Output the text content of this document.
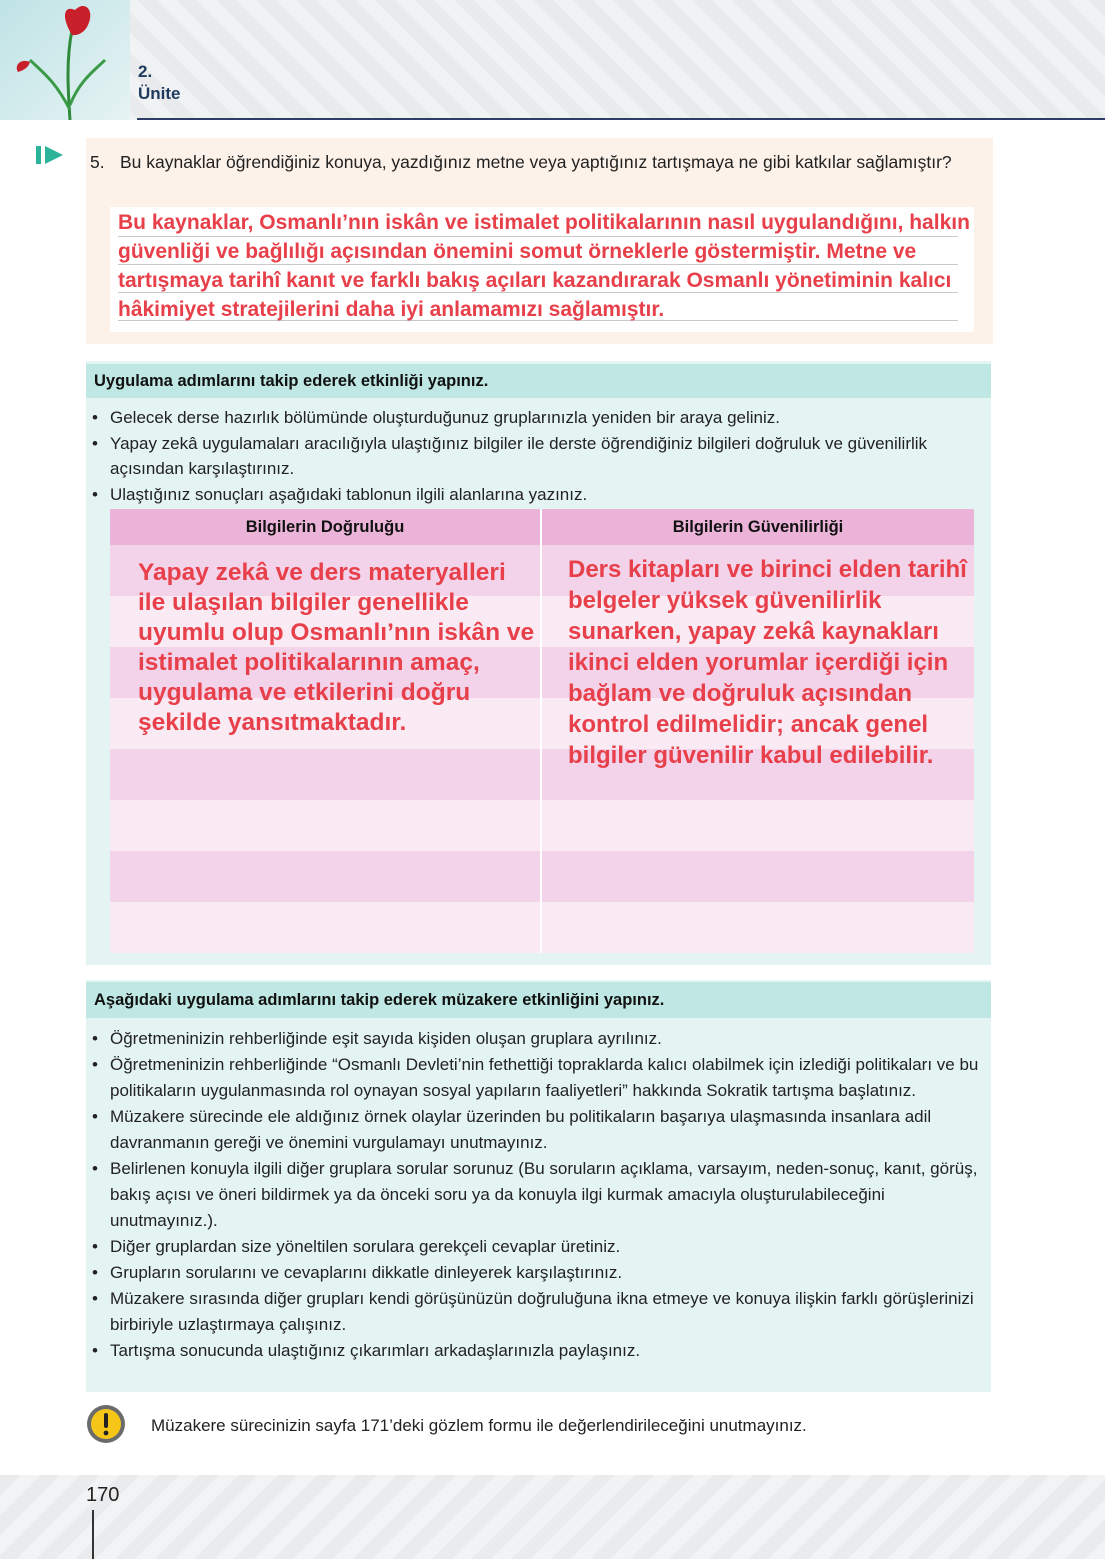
2.
Ünite
5. Bu kaynaklar öğrendiğiniz konuya, yazdığınız metne veya yaptığınız tartışmaya ne gibi katkılar sağlamıştır?
Bu kaynaklar, Osmanlı’nın iskân ve istimalet politikalarının nasıl uygulandığını, halkın güvenliği ve bağlılığı açısından önemini somut örneklerle göstermiştir. Metne ve tartışmaya tarihî kanıt ve farklı bakış açıları kazandırarak Osmanlı yönetiminin kalıcı hâkimiyet stratejilerini daha iyi anlamamızı sağlamıştır.
Uygulama adımlarını takip ederek etkinliği yapınız.
• Gelecek derse hazırlık bölümünde oluşturduğunuz gruplarınızla yeniden bir araya geliniz.
• Yapay zekâ uygulamaları aracılığıyla ulaştığınız bilgiler ile derste öğrendiğiniz bilgileri doğruluk ve güvenilirlik açısından karşılaştırınız.
• Ulaştığınız sonuçları aşağıdaki tablonun ilgili alanlarına yazınız.
Bilgilerin Doğruluğu	Bilgilerin Güvenilirliği
Yapay zekâ ve ders materyalleri ile ulaşılan bilgiler genellikle uyumlu olup Osmanlı’nın iskân ve istimalet politikalarının amaç, uygulama ve etkilerini doğru şekilde yansıtmaktadır.
Ders kitapları ve birinci elden tarihî belgeler yüksek güvenilirlik sunarken, yapay zekâ kaynakları ikinci elden yorumlar içerdiği için bağlam ve doğruluk açısından kontrol edilmelidir; ancak genel bilgiler güvenilir kabul edilebilir.
Aşağıdaki uygulama adımlarını takip ederek müzakere etkinliğini yapınız.
• Öğretmeninizin rehberliğinde eşit sayıda kişiden oluşan gruplara ayrılınız.
• Öğretmeninizin rehberliğinde “Osmanlı Devleti’nin fethettiği topraklarda kalıcı olabilmek için izlediği politikaları ve bu politikaların uygulanmasında rol oynayan sosyal yapıların faaliyetleri” hakkında Sokratik tartışma başlatınız.
• Müzakere sürecinde ele aldığınız örnek olaylar üzerinden bu politikaların başarıya ulaşmasında insanlara adil davranmanın gereği ve önemini vurgulamayı unutmayınız.
• Belirlenen konuyla ilgili diğer gruplara sorular sorunuz (Bu soruların açıklama, varsayım, neden-sonuç, kanıt, görüş, bakış açısı ve öneri bildirmek ya da önceki soru ya da konuyla ilgi kurmak amacıyla oluşturulabileceğini unutmayınız.).
• Diğer gruplardan size yöneltilen sorulara gerekçeli cevaplar üretiniz.
• Grupların sorularını ve cevaplarını dikkatle dinleyerek karşılaştırınız.
• Müzakere sırasında diğer grupları kendi görüşünüzün doğruluğuna ikna etmeye ve konuya ilişkin farklı görüşlerinizi birbiriyle uzlaştırmaya çalışınız.
• Tartışma sonucunda ulaştığınız çıkarımları arkadaşlarınızla paylaşınız.
Müzakere sürecinizin sayfa 171’deki gözlem formu ile değerlendirileceğini unutmayınız.
170
